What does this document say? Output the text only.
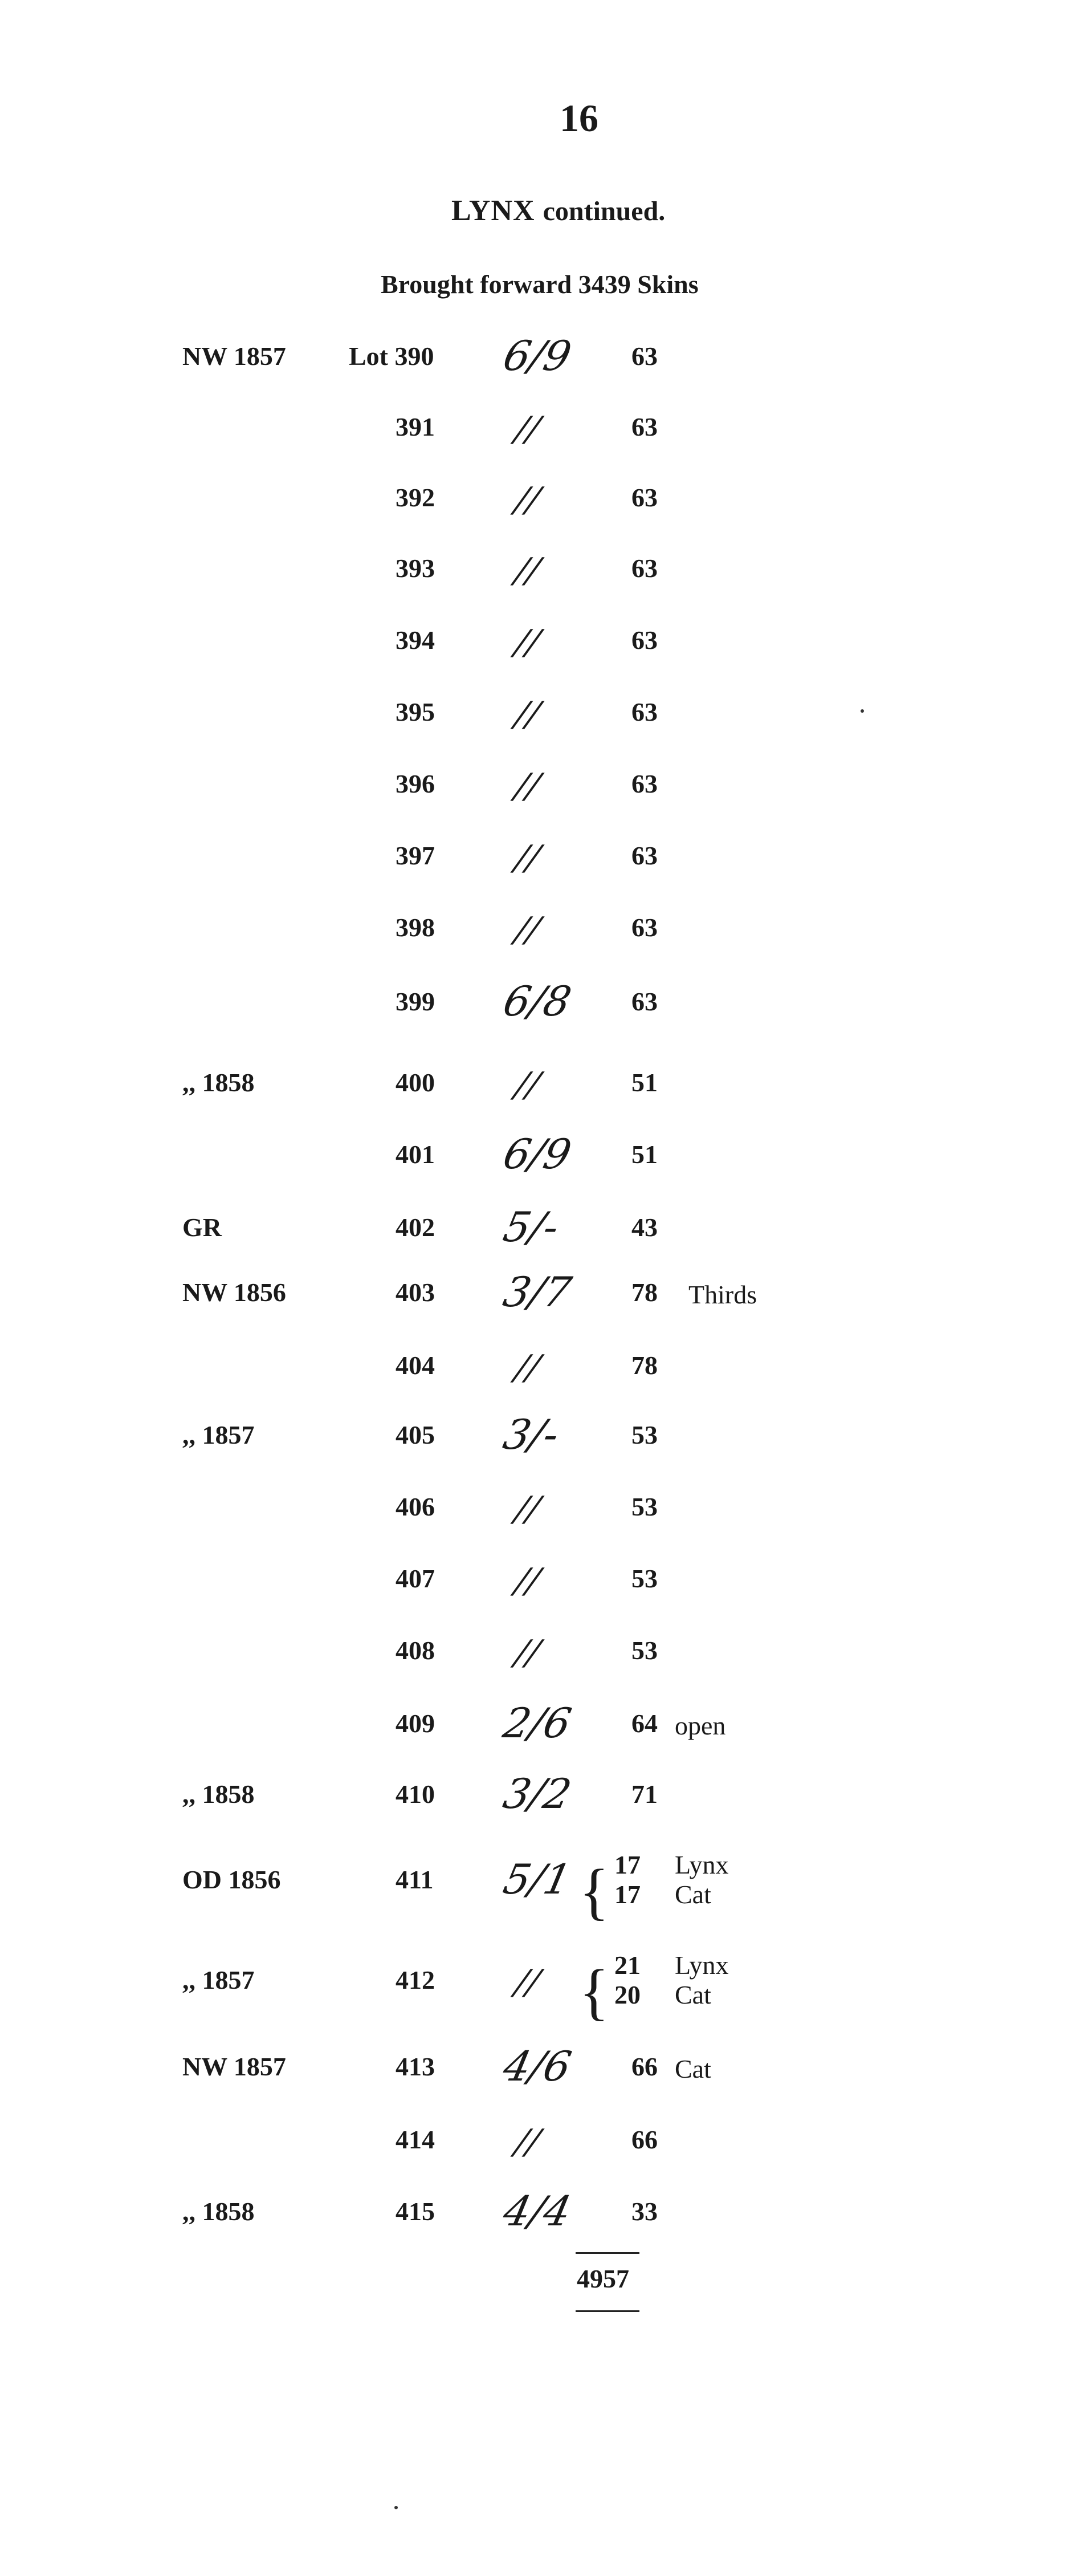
16
LYNX continued.
Brought forward 3439 Skins
NW 1857 Lot 390 6/9 63
391 //	63
392 //	63
393 //	63
394 //	63
395 //	63
396 //	63
397 //	63
398 //	63
399 6/8 63
,, 1858	400 //	51
401 6/9 51
GR	402 5/-	43
NW 1856	403 3/7 78 Thirds
404 //	78
,, 1857	405 3/-	53
406 //	53
407 //	53
408 //	53
409 2/6 64 open
,, 1858	410 3/2 71
OD 1856	411 5/1 { 17 Lynx
17 Cat
,, 1857	412 // { 21 Lynx
20 Cat
NW 1857	413 4/6 66 Cat
414 //	66
,, 1858	415 4/4 33
4957
